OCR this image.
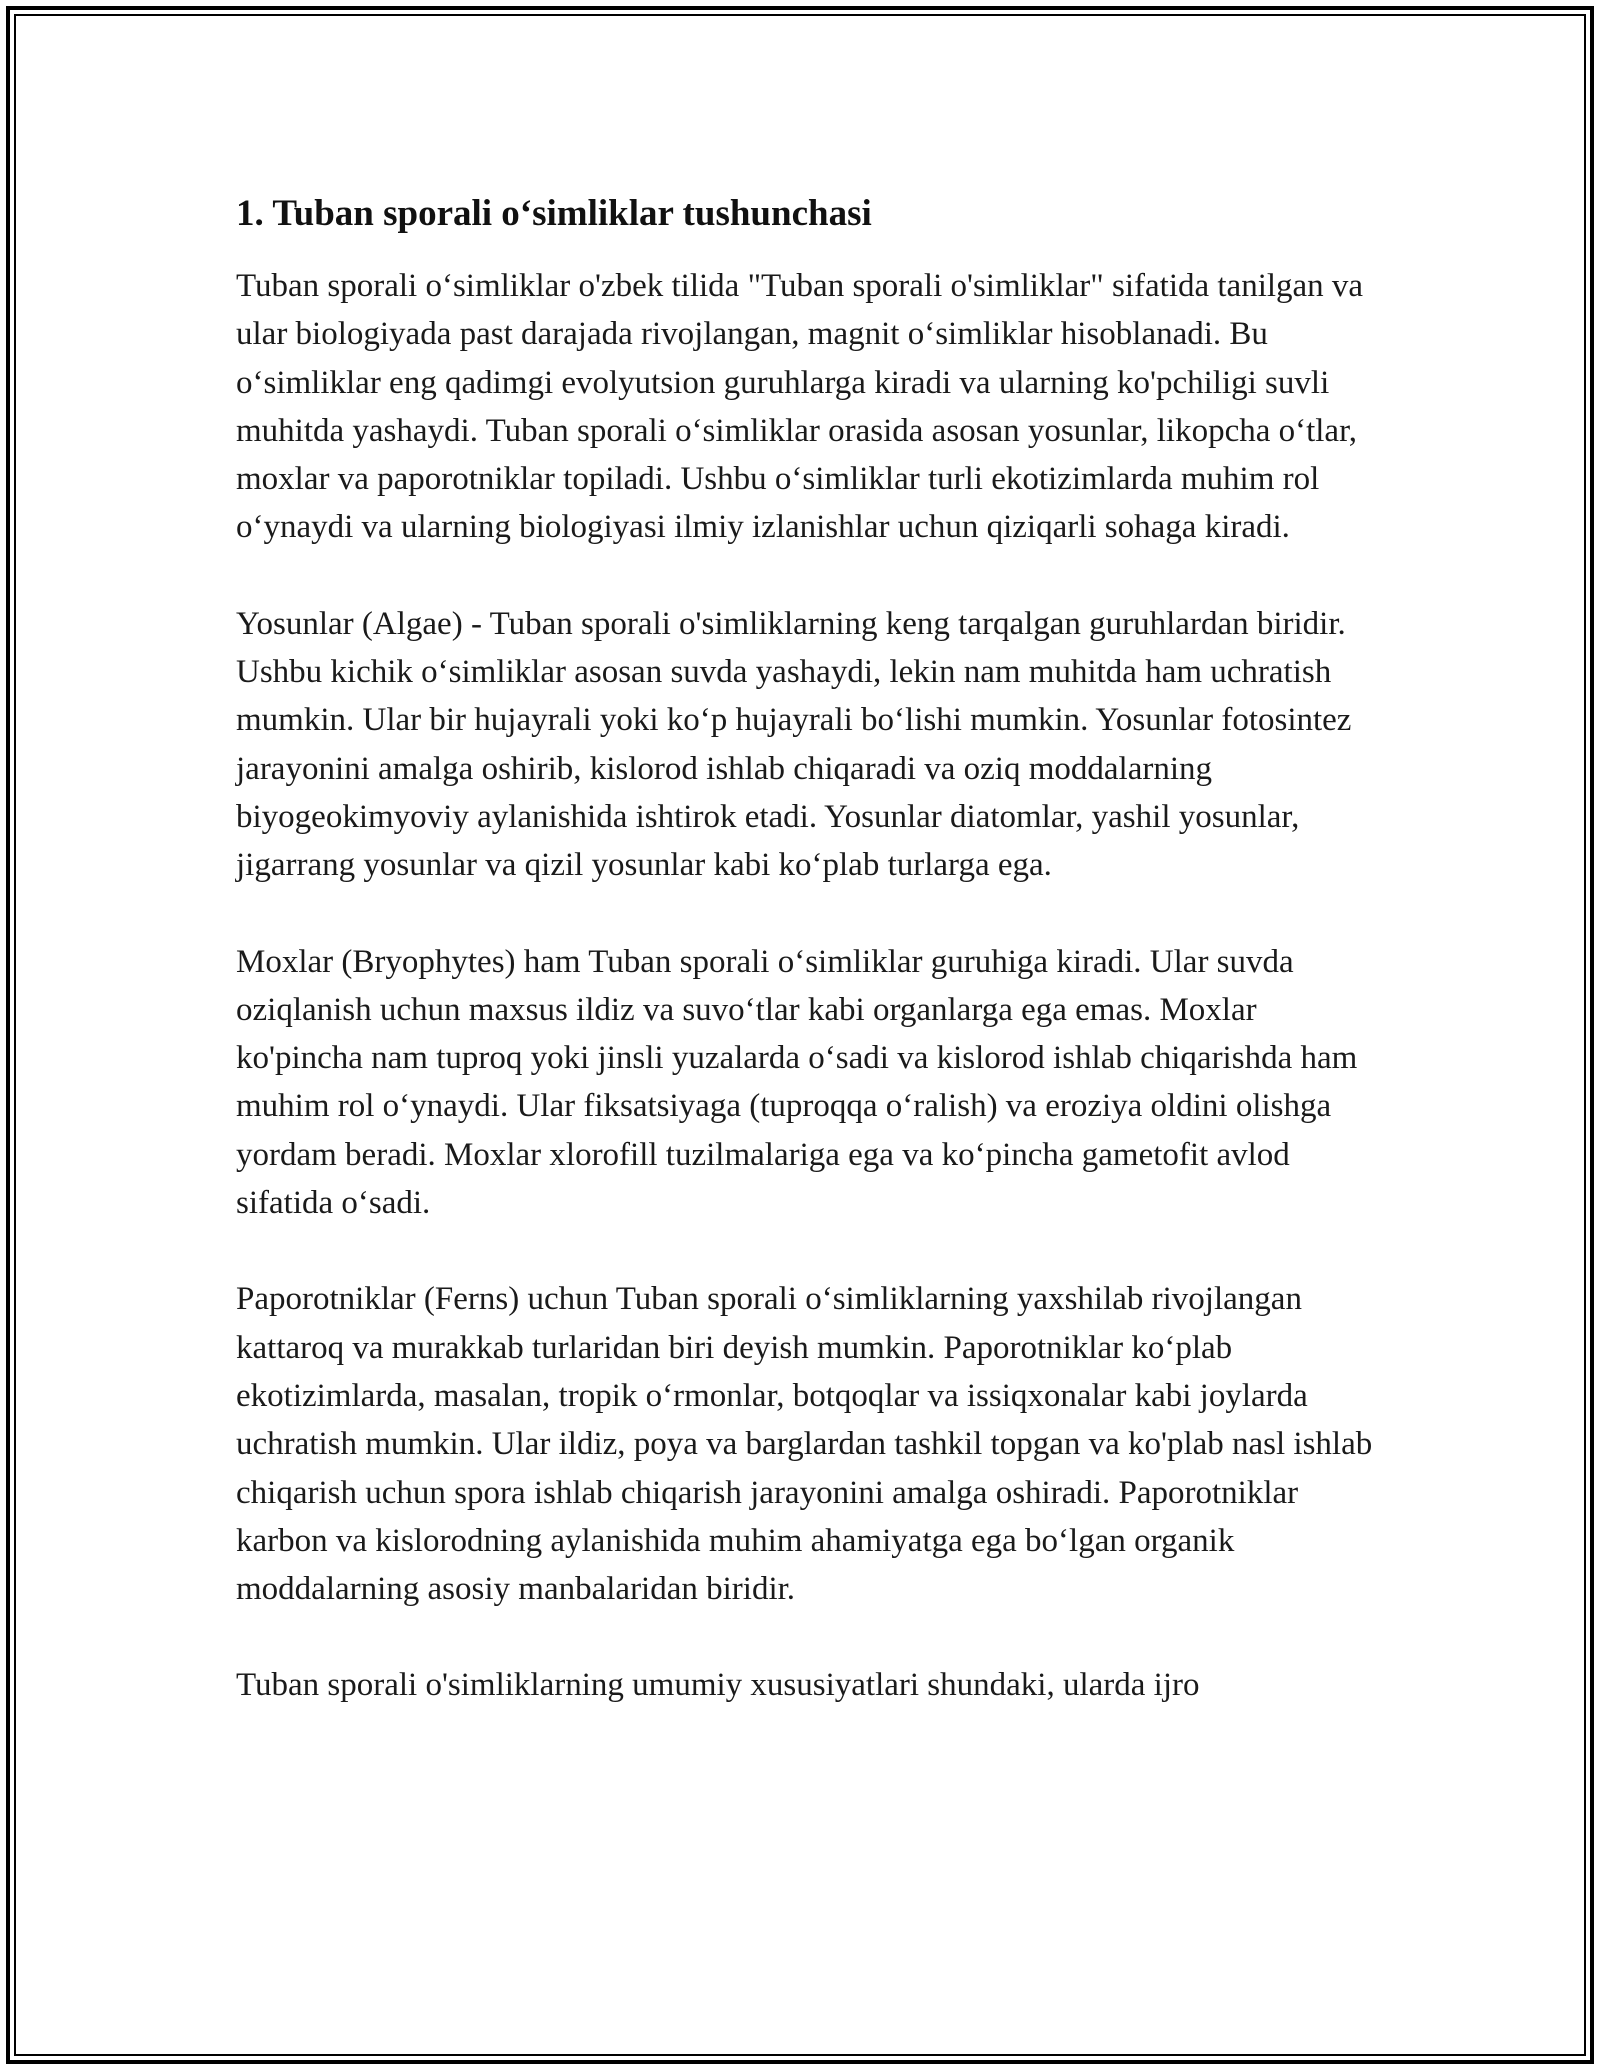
1. Tuban sporali o‘simliklar tushunchasi

Tuban sporali o‘simliklar o'zbek tilida "Tuban sporali o'simliklar" sifatida tanilgan va ular biologiyada past darajada rivojlangan, magnit o‘simliklar hisoblanadi. Bu o‘simliklar eng qadimgi evolyutsion guruhlarga kiradi va ularning ko'pchiligi suvli muhitda yashaydi. Tuban sporali o‘simliklar orasida asosan yosunlar, likopcha o‘tlar, moxlar va paporotniklar topiladi. Ushbu o‘simliklar turli ekotizimlarda muhim rol o‘ynaydi va ularning biologiyasi ilmiy izlanishlar uchun qiziqarli sohaga kiradi.

Yosunlar (Algae) - Tuban sporali o'simliklarning keng tarqalgan guruhlardan biridir. Ushbu kichik o‘simliklar asosan suvda yashaydi, lekin nam muhitda ham uchratish mumkin. Ular bir hujayrali yoki ko‘p hujayrali bo‘lishi mumkin. Yosunlar fotosintez jarayonini amalga oshirib, kislorod ishlab chiqaradi va oziq moddalarning biyogeokimyoviy aylanishida ishtirok etadi. Yosunlar diatomlar, yashil yosunlar, jigarrang yosunlar va qizil yosunlar kabi ko‘plab turlarga ega.

Moxlar (Bryophytes) ham Tuban sporali o‘simliklar guruhiga kiradi. Ular suvda oziqlanish uchun maxsus ildiz va suvo‘tlar kabi organlarga ega emas. Moxlar ko'pincha nam tuproq yoki jinsli yuzalarda o‘sadi va kislorod ishlab chiqarishda ham muhim rol o‘ynaydi. Ular fiksatsiyaga (tuproqqa o‘ralish) va eroziya oldini olishga yordam beradi. Moxlar xlorofill tuzilmalariga ega va ko‘pincha gametofit avlod sifatida o‘sadi.

Paporotniklar (Ferns) uchun Tuban sporali o‘simliklarning yaxshilab rivojlangan kattaroq va murakkab turlaridan biri deyish mumkin. Paporotniklar ko‘plab ekotizimlarda, masalan, tropik o‘rmonlar, botqoqlar va issiqxonalar kabi joylarda uchratish mumkin. Ular ildiz, poya va barglardan tashkil topgan va ko'plab nasl ishlab chiqarish uchun spora ishlab chiqarish jarayonini amalga oshiradi. Paporotniklar karbon va kislorodning aylanishida muhim ahamiyatga ega bo‘lgan organik moddalarning asosiy manbalaridan biridir.

Tuban sporali o'simliklarning umumiy xususiyatlari shundaki, ularda ijro
